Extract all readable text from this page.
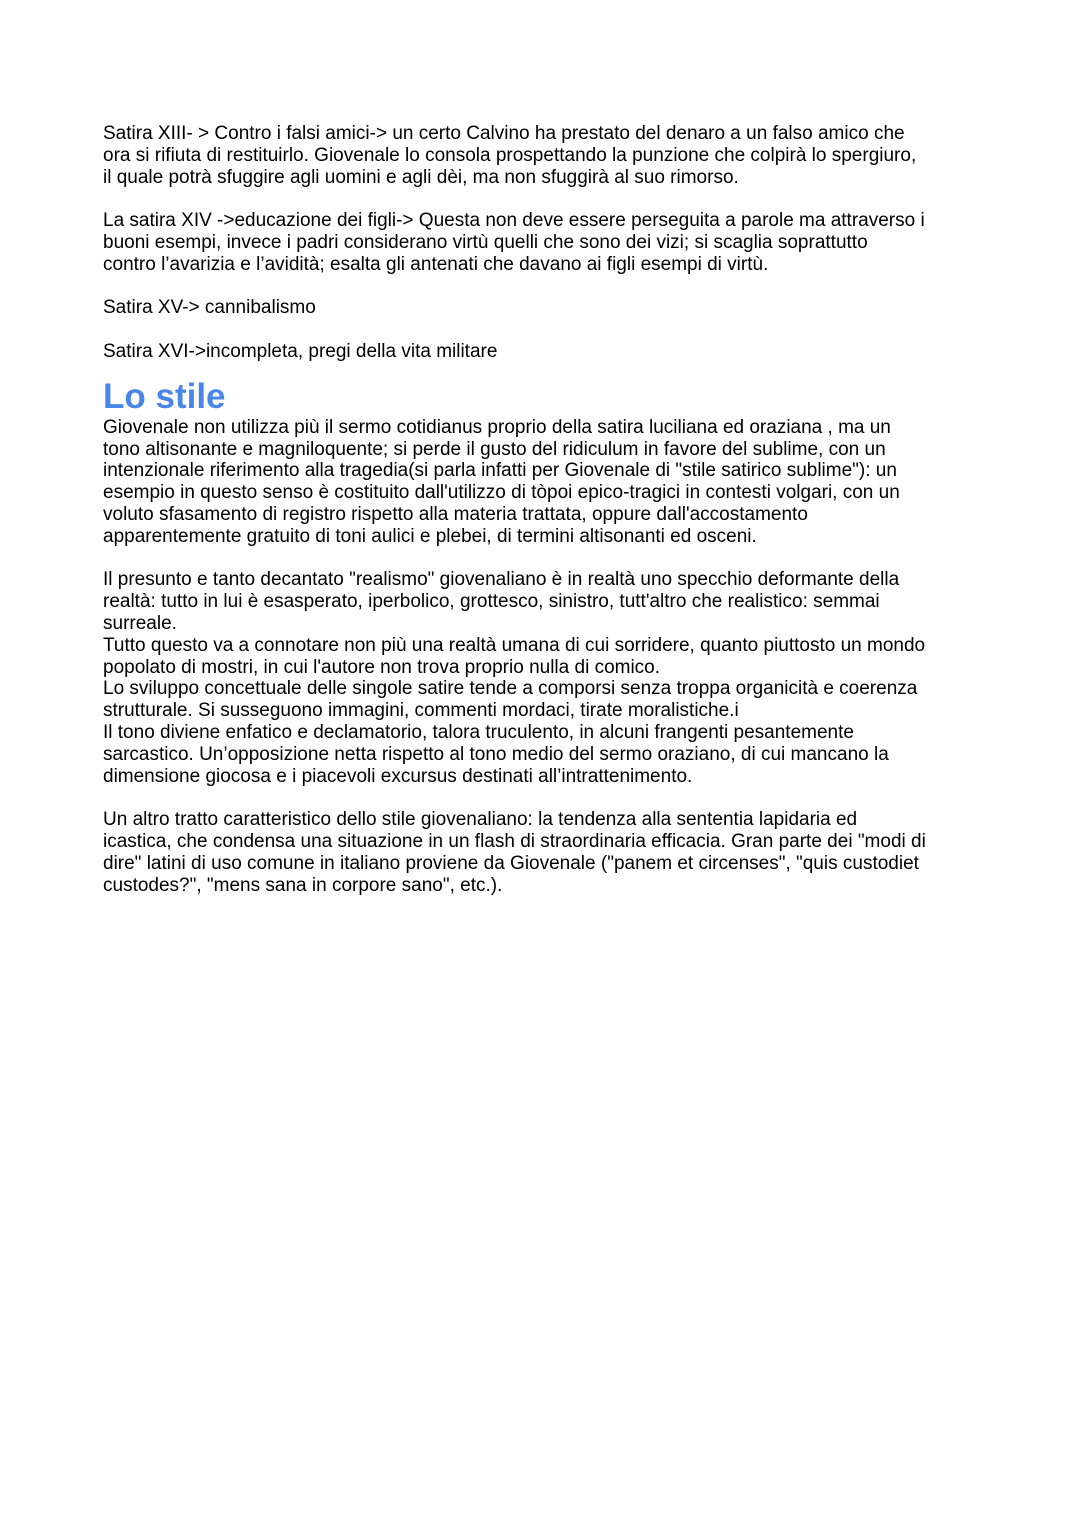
Satira XIII- > Contro i falsi amici-> un certo Calvino ha prestato del denaro a un falso amico che
ora si rifiuta di restituirlo. Giovenale lo consola prospettando la punzione che colpirà lo spergiuro,
il quale potrà sfuggire agli uomini e agli dèi, ma non sfuggirà al suo rimorso.

La satira XIV ->educazione dei figli-> Questa non deve essere perseguita a parole ma attraverso i
buoni esempi, invece i padri considerano virtù quelli che sono dei vizi; si scaglia soprattutto
contro l’avarizia e l’avidità; esalta gli antenati che davano ai figli esempi di virtù.

Satira XV-> cannibalismo

Satira XVI->incompleta, pregi della vita militare

Lo stile

Giovenale non utilizza più il sermo cotidianus proprio della satira luciliana ed oraziana , ma un
tono altisonante e magniloquente; si perde il gusto del ridiculum in favore del sublime, con un
intenzionale riferimento alla tragedia(si parla infatti per Giovenale di "stile satirico sublime"): un
esempio in questo senso è costituito dall'utilizzo di tòpoi epico-tragici in contesti volgari, con un
voluto sfasamento di registro rispetto alla materia trattata, oppure dall'accostamento
apparentemente gratuito di toni aulici e plebei, di termini altisonanti ed osceni.

Il presunto e tanto decantato "realismo" giovenaliano è in realtà uno specchio deformante della
realtà: tutto in lui è esasperato, iperbolico, grottesco, sinistro, tutt'altro che realistico: semmai
surreale.
Tutto questo va a connotare non più una realtà umana di cui sorridere, quanto piuttosto un mondo
popolato di mostri, in cui l'autore non trova proprio nulla di comico.
Lo sviluppo concettuale delle singole satire tende a comporsi senza troppa organicità e coerenza
strutturale. Si susseguono immagini, commenti mordaci, tirate moralistiche.i
Il tono diviene enfatico e declamatorio, talora truculento, in alcuni frangenti pesantemente
sarcastico. Un’opposizione netta rispetto al tono medio del sermo oraziano, di cui mancano la
dimensione giocosa e i piacevoli excursus destinati all’intrattenimento.

Un altro tratto caratteristico dello stile giovenaliano: la tendenza alla sententia lapidaria ed
icastica, che condensa una situazione in un flash di straordinaria efficacia. Gran parte dei "modi di
dire" latini di uso comune in italiano proviene da Giovenale ("panem et circenses", "quis custodiet
custodes?", "mens sana in corpore sano", etc.).
